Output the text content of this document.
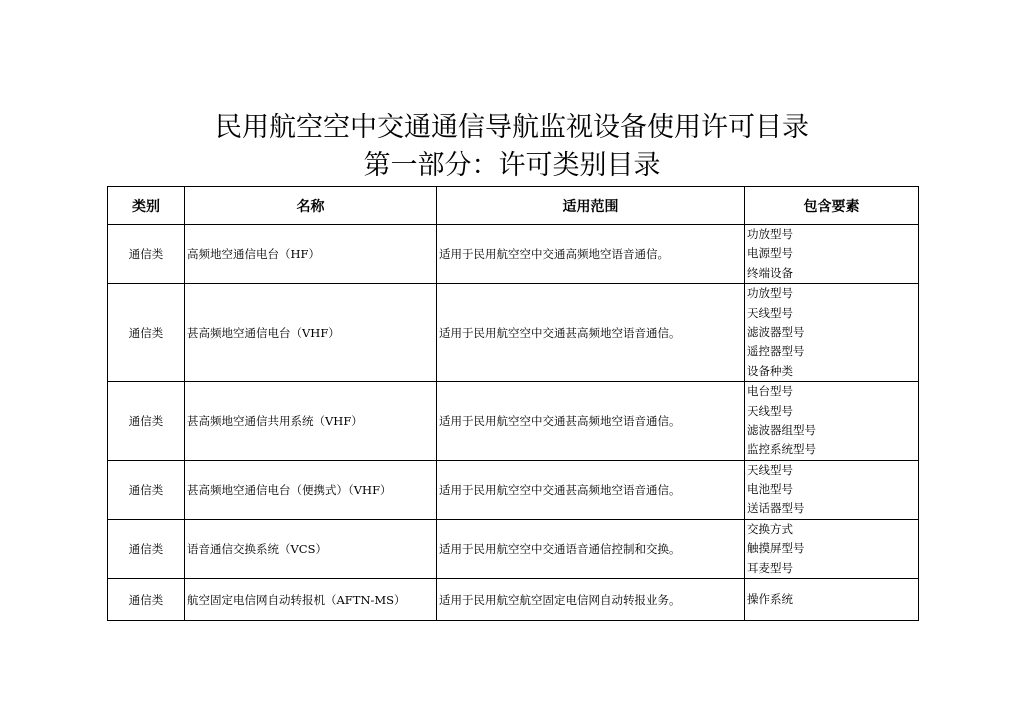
民用航空空中交通通信导航监视设备使用许可目录
第一部分：许可类别目录
类别	名称	适用范围	包含要素
通信类	高频地空通信电台（HF）	适用于民用航空空中交通高频地空语音通信。	功放型号
电源型号
终端设备

通信类	甚高频地空通信电台（VHF）	适用于民用航空空中交通甚高频地空语音通信。	功放型号
天线型号
滤波器型号
遥控器型号
设备种类

通信类	甚高频地空通信共用系统（VHF）	适用于民用航空空中交通甚高频地空语音通信。	电台型号
天线型号
滤波器组型号
监控系统型号

通信类	甚高频地空通信电台（便携式）（VHF）	适用于民用航空空中交通甚高频地空语音通信。	天线型号
电池型号
送话器型号

通信类	语音通信交换系统（VCS）	适用于民用航空空中交通语音通信控制和交换。	交换方式
触摸屏型号
耳麦型号

通信类	航空固定电信网自动转报机（AFTN-MS）	适用于民用航空航空固定电信网自动转报业务。	操作系统
